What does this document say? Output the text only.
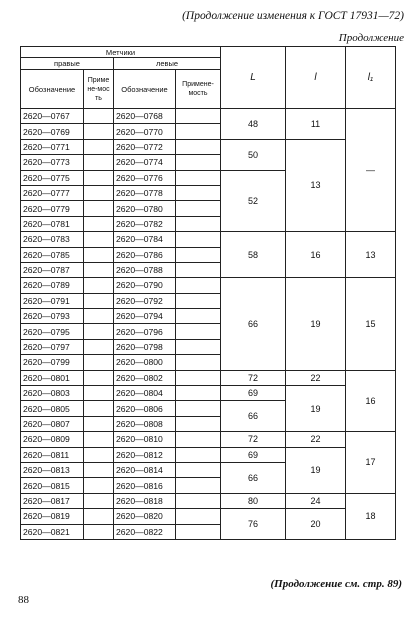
(Продолжение изменения к ГОСТ 17931—72)
Продолжение
Метчики				L	l	l₁
правые		левые				
Обозначение	Примене-мость	Обозначение	Примене-мость			
2620—0767		2620—0768		48	11	—
2620—0769		2620—0770				
2620—0771		2620—0772		50	13	
2620—0773		2620—0774				
2620—0775		2620—0776		52		
2620—0777		2620—0778				
2620—0779		2620—0780				
2620—0781		2620—0782				
2620—0783		2620—0784		58	16	13
2620—0785		2620—0786				
2620—0787		2620—0788				
2620—0789		2620—0790		66	19	15
2620—0791		2620—0792				
2620—0793		2620—0794				
2620—0795		2620—0796				
2620—0797		2620—0798				
2620—0799		2620—0800				
2620—0801		2620—0802		72	22	16
2620—0803		2620—0804		69	19	
2620—0805		2620—0806		66		
2620—0807		2620—0808				
2620—0809		2620—0810		72	22	17
2620—0811		2620—0812		69	19	
2620—0813		2620—0814		66		
2620—0815		2620—0816				
2620—0817		2620—0818		80	24	18
2620—0819		2620—0820		76	20	
2620—0821		2620—0822				
(Продолжение см. стр. 89)
88
